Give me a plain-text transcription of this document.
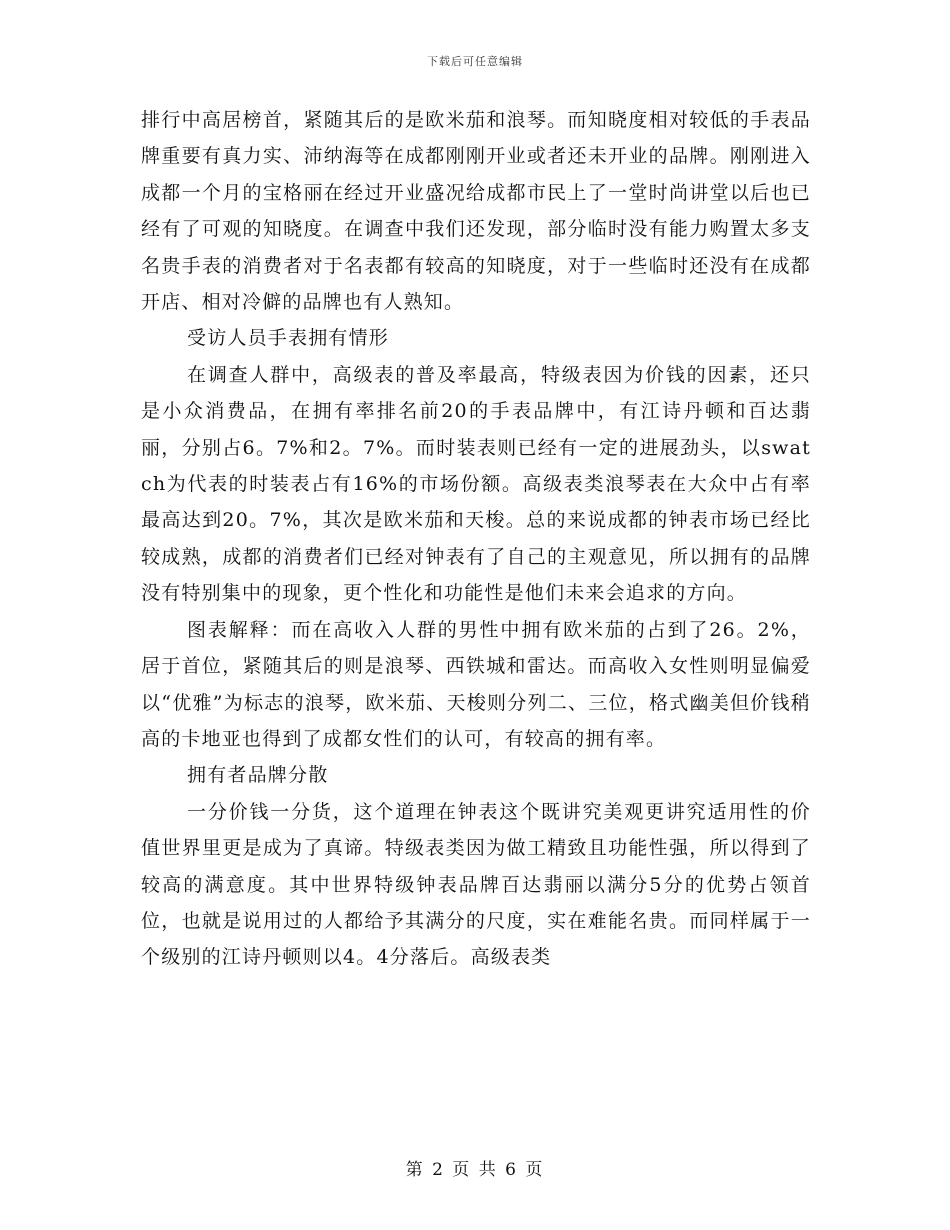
下载后可任意编辑

排行中高居榜首，紧随其后的是欧米茄和浪琴。而知晓度相对较低的手表品牌重要有真力实、沛纳海等在成都刚刚开业或者还未开业的品牌。刚刚进入成都一个月的宝格丽在经过开业盛况给成都市民上了一堂时尚讲堂以后也已经有了可观的知晓度。在调查中我们还发现，部分临时没有能力购置太多支名贵手表的消费者对于名表都有较高的知晓度，对于一些临时还没有在成都开店、相对冷僻的品牌也有人熟知。

受访人员手表拥有情形

在调查人群中，高级表的普及率最高，特级表因为价钱的因素，还只是小众消费品，在拥有率排名前20的手表品牌中，有江诗丹顿和百达翡丽，分别占6。7%和2。7%。而时装表则已经有一定的进展劲头，以swatch为代表的时装表占有16%的市场份额。高级表类浪琴表在大众中占有率最高达到20。7%，其次是欧米茄和天梭。总的来说成都的钟表市场已经比较成熟，成都的消费者们已经对钟表有了自己的主观意见，所以拥有的品牌没有特别集中的现象，更个性化和功能性是他们未来会追求的方向。

图表解释：而在高收入人群的男性中拥有欧米茄的占到了26。2%，居于首位，紧随其后的则是浪琴、西铁城和雷达。而高收入女性则明显偏爱以“优雅”为标志的浪琴，欧米茄、天梭则分列二、三位，格式幽美但价钱稍高的卡地亚也得到了成都女性们的认可，有较高的拥有率。

拥有者品牌分散

一分价钱一分货，这个道理在钟表这个既讲究美观更讲究适用性的价值世界里更是成为了真谛。特级表类因为做工精致且功能性强，所以得到了较高的满意度。其中世界特级钟表品牌百达翡丽以满分5分的优势占领首位，也就是说用过的人都给予其满分的尺度，实在难能名贵。而同样属于一个级别的江诗丹顿则以4。4分落后。高级表类

第 2 页 共 6 页
